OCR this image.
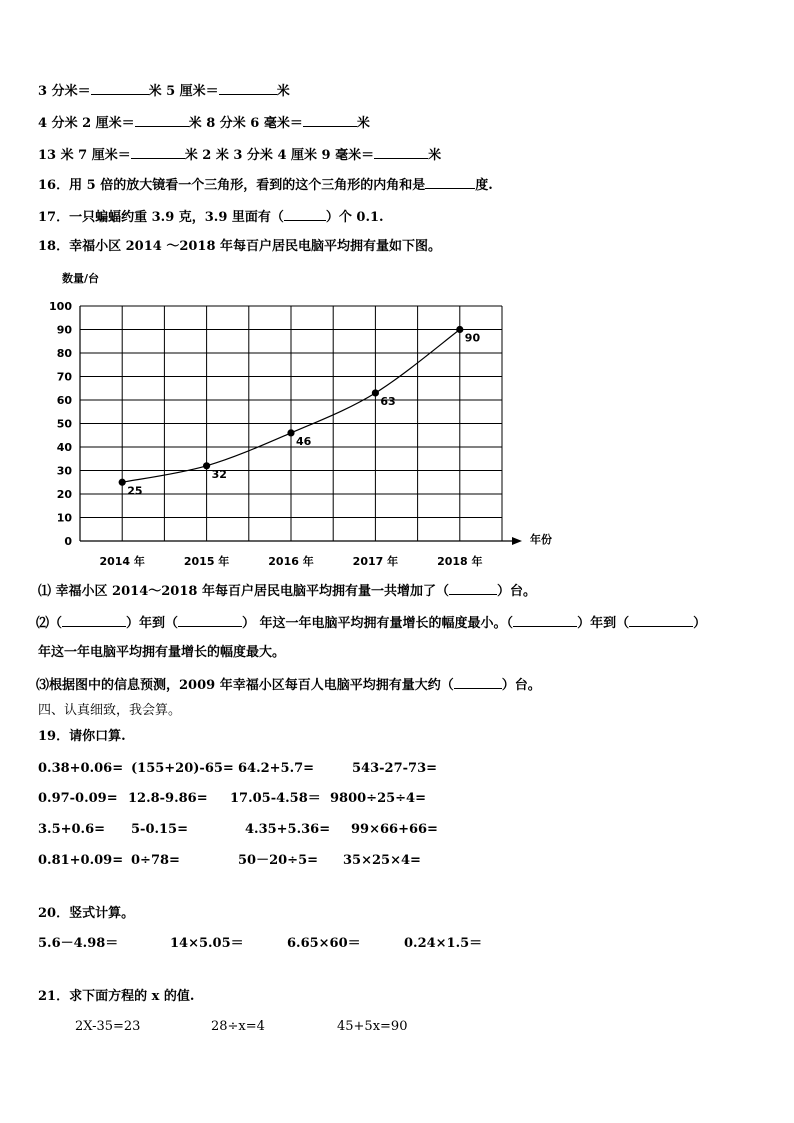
3 分米＝	米 5 厘米＝	米
4 分米 2 厘米＝	米 8 分米 6 毫米＝	米
13 米 7 厘米＝	米 2 米 3 分米 4 厘米 9 毫米＝	米
16．用 5 倍的放大镜看一个三角形，看到的这个三角形的内角和是	度.
17．一只蝙蝠约重 3.9 克，3.9 里面有（	）个 0.1.
18．幸福小区 2014 ～2018 年每百户居民电脑平均拥有量如下图。
0
10
20
30
40
50
60
70
80
90
100
数量/台
年份
2014 年	2015 年	2016 年	2017 年	2018 年
25
32
46
63
90
⑴ 幸福小区 2014～2018 年每百户居民电脑平均拥有量一共增加了（	）台。
⑵（	）年到（	） 年这一年电脑平均拥有量增长的幅度最小。（	）年到（	）
年这一年电脑平均拥有量增长的幅度最大。
⑶根据图中的信息预测，2009 年幸福小区每百人电脑平均拥有量大约（	）台。
四、认真细致，我会算。
19．请你口算.
0.38+0.06= (155+20)-65= 64.2+5.7=	543-27-73=
0.97-0.09= 12.8-9.86= 17.05-4.58＝ 9800÷25÷4=
3.5+0.6= 5-0.15=	4.35+5.36= 99×66+66=
0.81+0.09= 0÷78=	50－20÷5= 35×25×4=
20．竖式计算。
5.6－4.98＝	14×5.05＝	6.65×60＝	0.24×1.5＝
21．求下面方程的 x 的值.
2X-35=23	28÷x=4	45+5x=90
